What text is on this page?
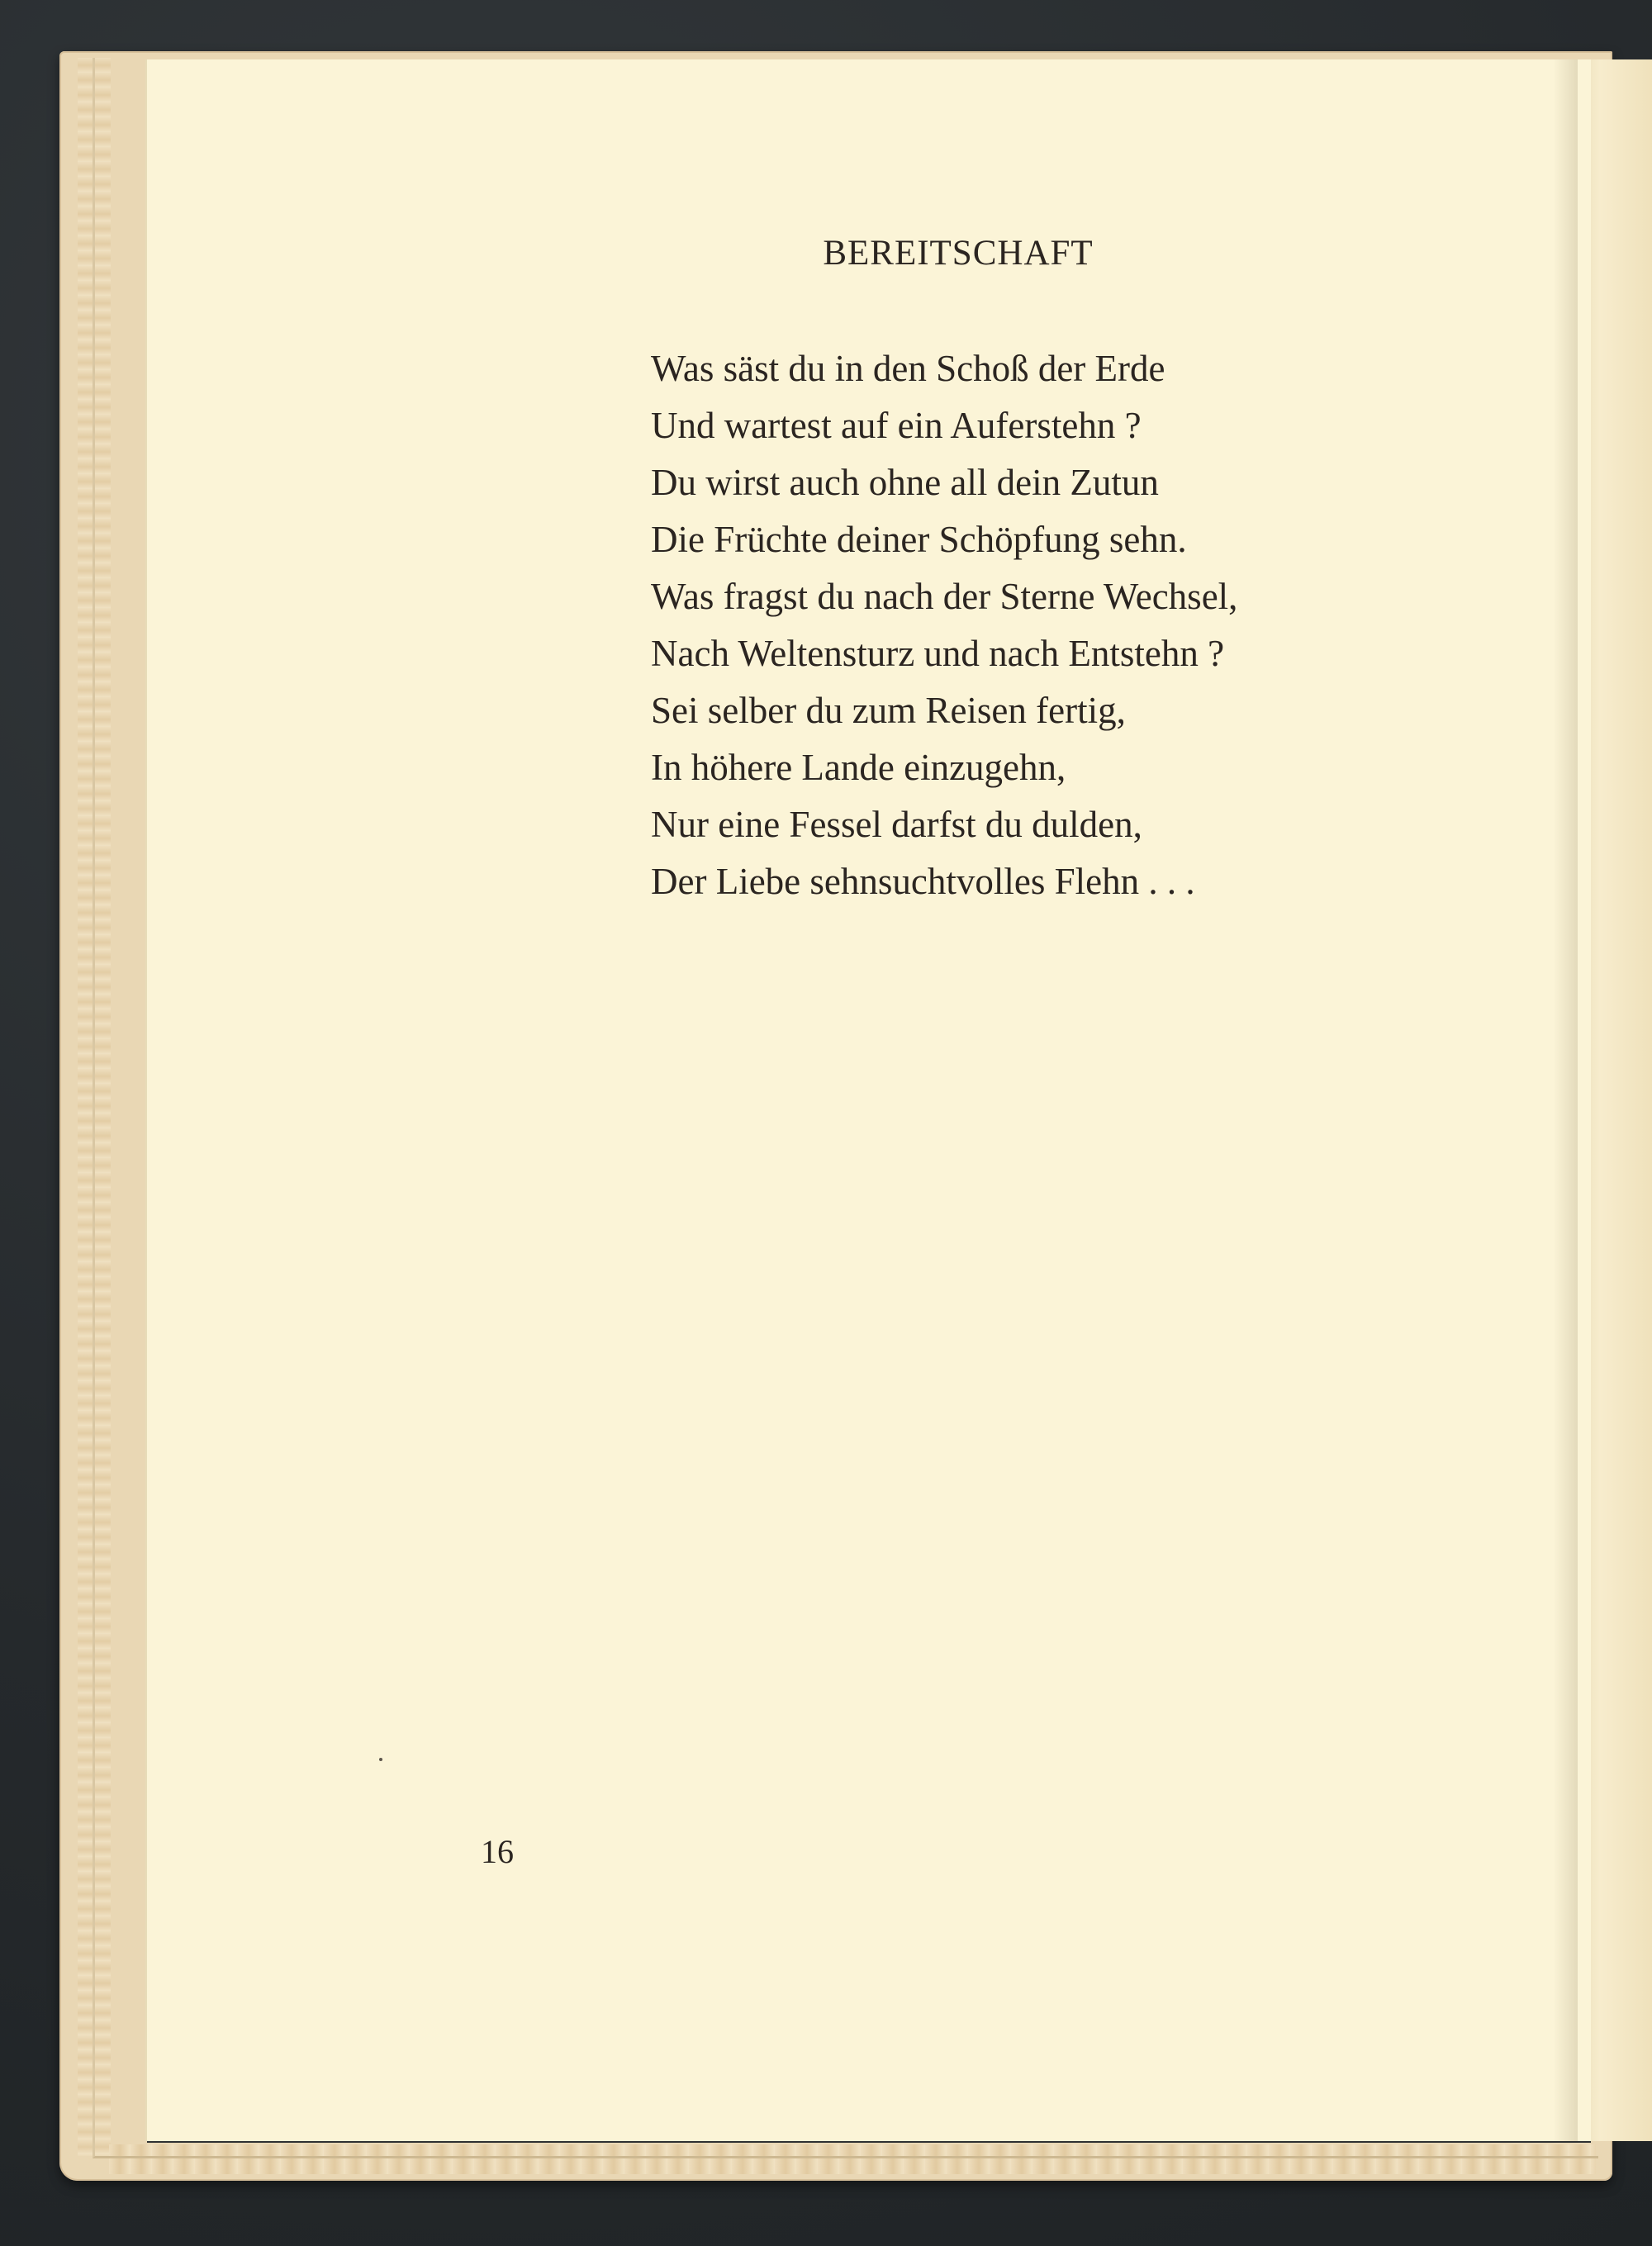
BEREITSCHAFT
Was säst du in den Schoß der Erde
Und wartest auf ein Auferstehn ?
Du wirst auch ohne all dein Zutun
Die Früchte deiner Schöpfung sehn.
Was fragst du nach der Sterne Wechsel,
Nach Weltensturz und nach Entstehn ?
Sei selber du zum Reisen fertig,
In höhere Lande einzugehn,
Nur eine Fessel darfst du dulden,
Der Liebe sehnsuchtvolles Flehn . . .
16
